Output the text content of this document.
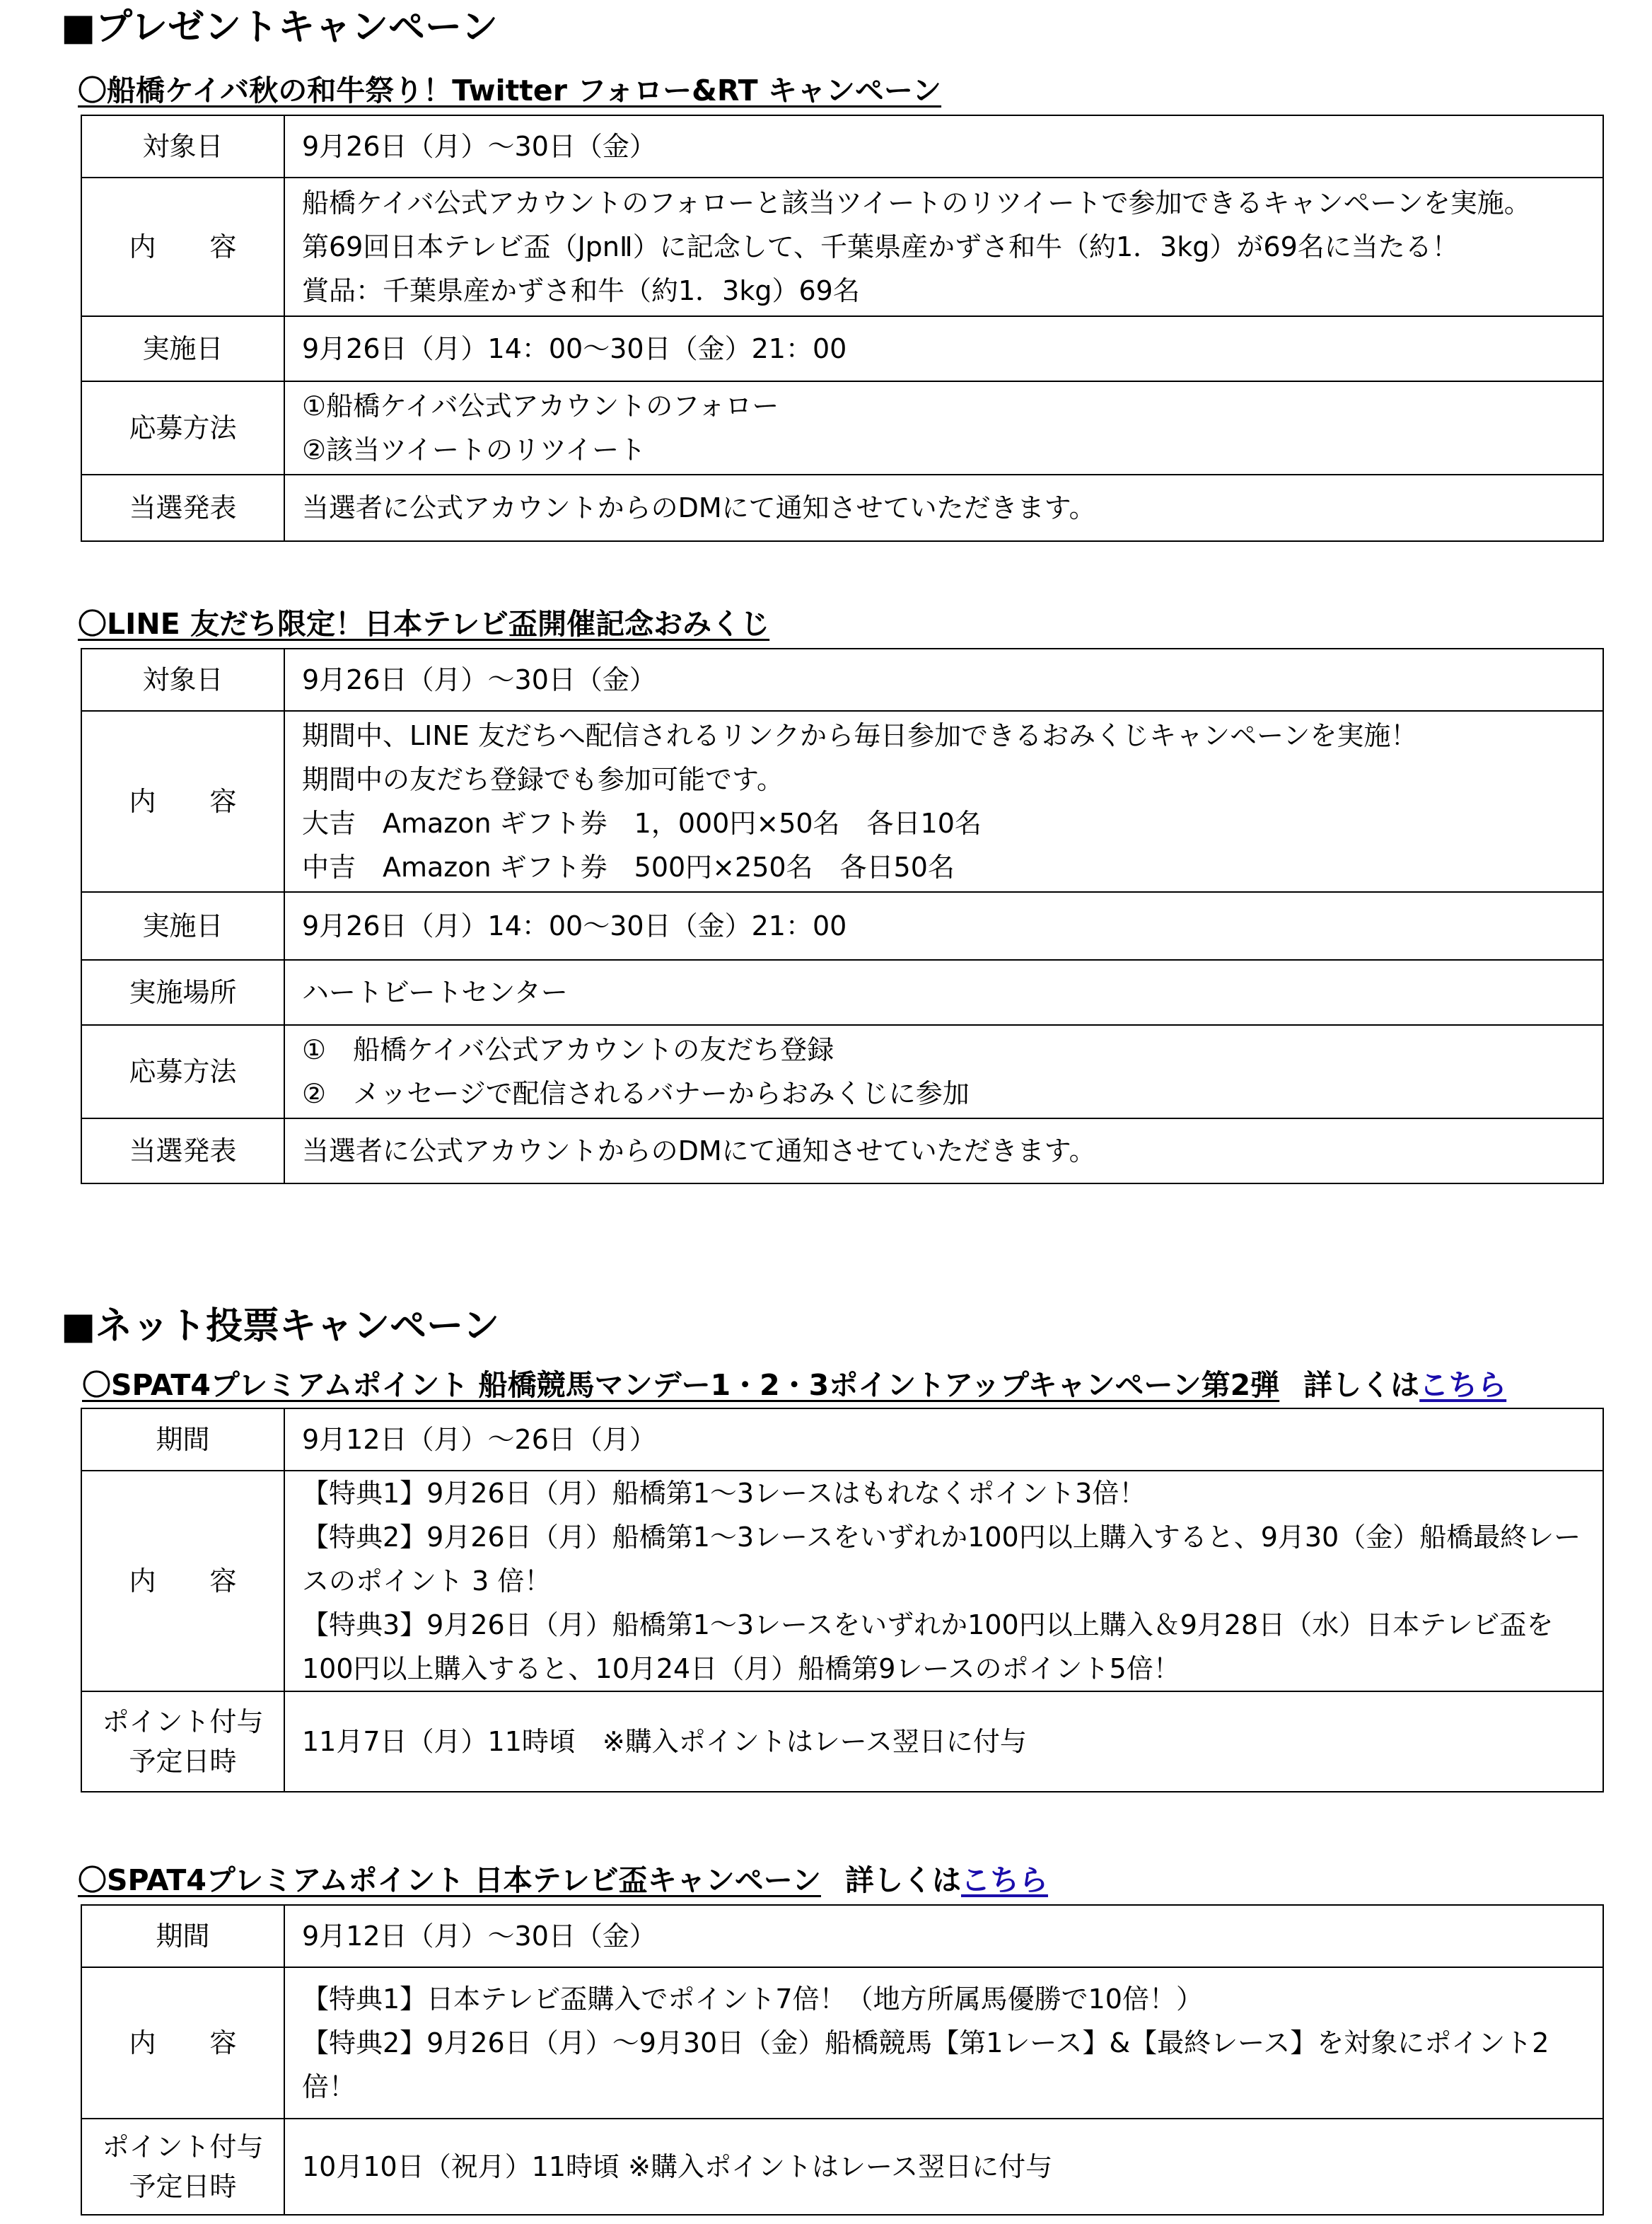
■プレゼントキャンペーン
〇船橋ケイバ秋の和牛祭り！Twitter フォロー&RT キャンペーン
対象日	9月26日（月）～30日（金）

内　　容	船橋ケイバ公式アカウントのフォローと該当ツイートのリツイートで参加できるキャンペーンを実施。
第69回日本テレビ盃（JpnⅡ）に記念して、千葉県産かずさ和牛（約1．3kg）が69名に当たる！
賞品：千葉県産かずさ和牛（約1．3kg）69名

実施日	9月26日（月）14：00～30日（金）21：00

応募方法	①船橋ケイバ公式アカウントのフォロー
②該当ツイートのリツイート

当選発表	当選者に公式アカウントからのDMにて通知させていただきます。
〇LINE 友だち限定！日本テレビ盃開催記念おみくじ
対象日	9月26日（月）～30日（金）

内　　容	期間中、LINE 友だちへ配信されるリンクから毎日参加できるおみくじキャンペーンを実施！
期間中の友だち登録でも参加可能です。
大吉　Amazon ギフト券　1，000円×50名　各日10名
中吉　Amazon ギフト券　500円×250名　各日50名

実施日	9月26日（月）14：00～30日（金）21：00

実施場所	ハートビートセンター

応募方法	①　船橋ケイバ公式アカウントの友だち登録
②　メッセージで配信されるバナーからおみくじに参加

当選発表	当選者に公式アカウントからのDMにて通知させていただきます。
■ネット投票キャンペーン
〇SPAT4プレミアムポイント 船橋競馬マンデー1・2・3ポイントアップキャンペーン第2弾 詳しくはこちら
期間	9月12日（月）～26日（月）

内　　容	【特典1】9月26日（月）船橋第1～3レースはもれなくポイント3倍！
【特典2】9月26日（月）船橋第1～3レースをいずれか100円以上購入すると、9月30（金）船橋最終レースのポイント 3 倍！
【特典3】9月26日（月）船橋第1～3レースをいずれか100円以上購入＆9月28日（水）日本テレビ盃を100円以上購入すると、10月24日（月）船橋第9レースのポイント5倍！

ポイント付与 予定日時	11月7日（月）11時頃　※購入ポイントはレース翌日に付与
〇SPAT4プレミアムポイント 日本テレビ盃キャンペーン 詳しくはこちら
期間	9月12日（月）～30日（金）

内　　容	【特典1】日本テレビ盃購入でポイント7倍！（地方所属馬優勝で10倍！）
【特典2】9月26日（月）～9月30日（金）船橋競馬【第1レース】&【最終レース】を対象にポイント2倍！

ポイント付与 予定日時	10月10日（祝月）11時頃 ※購入ポイントはレース翌日に付与
